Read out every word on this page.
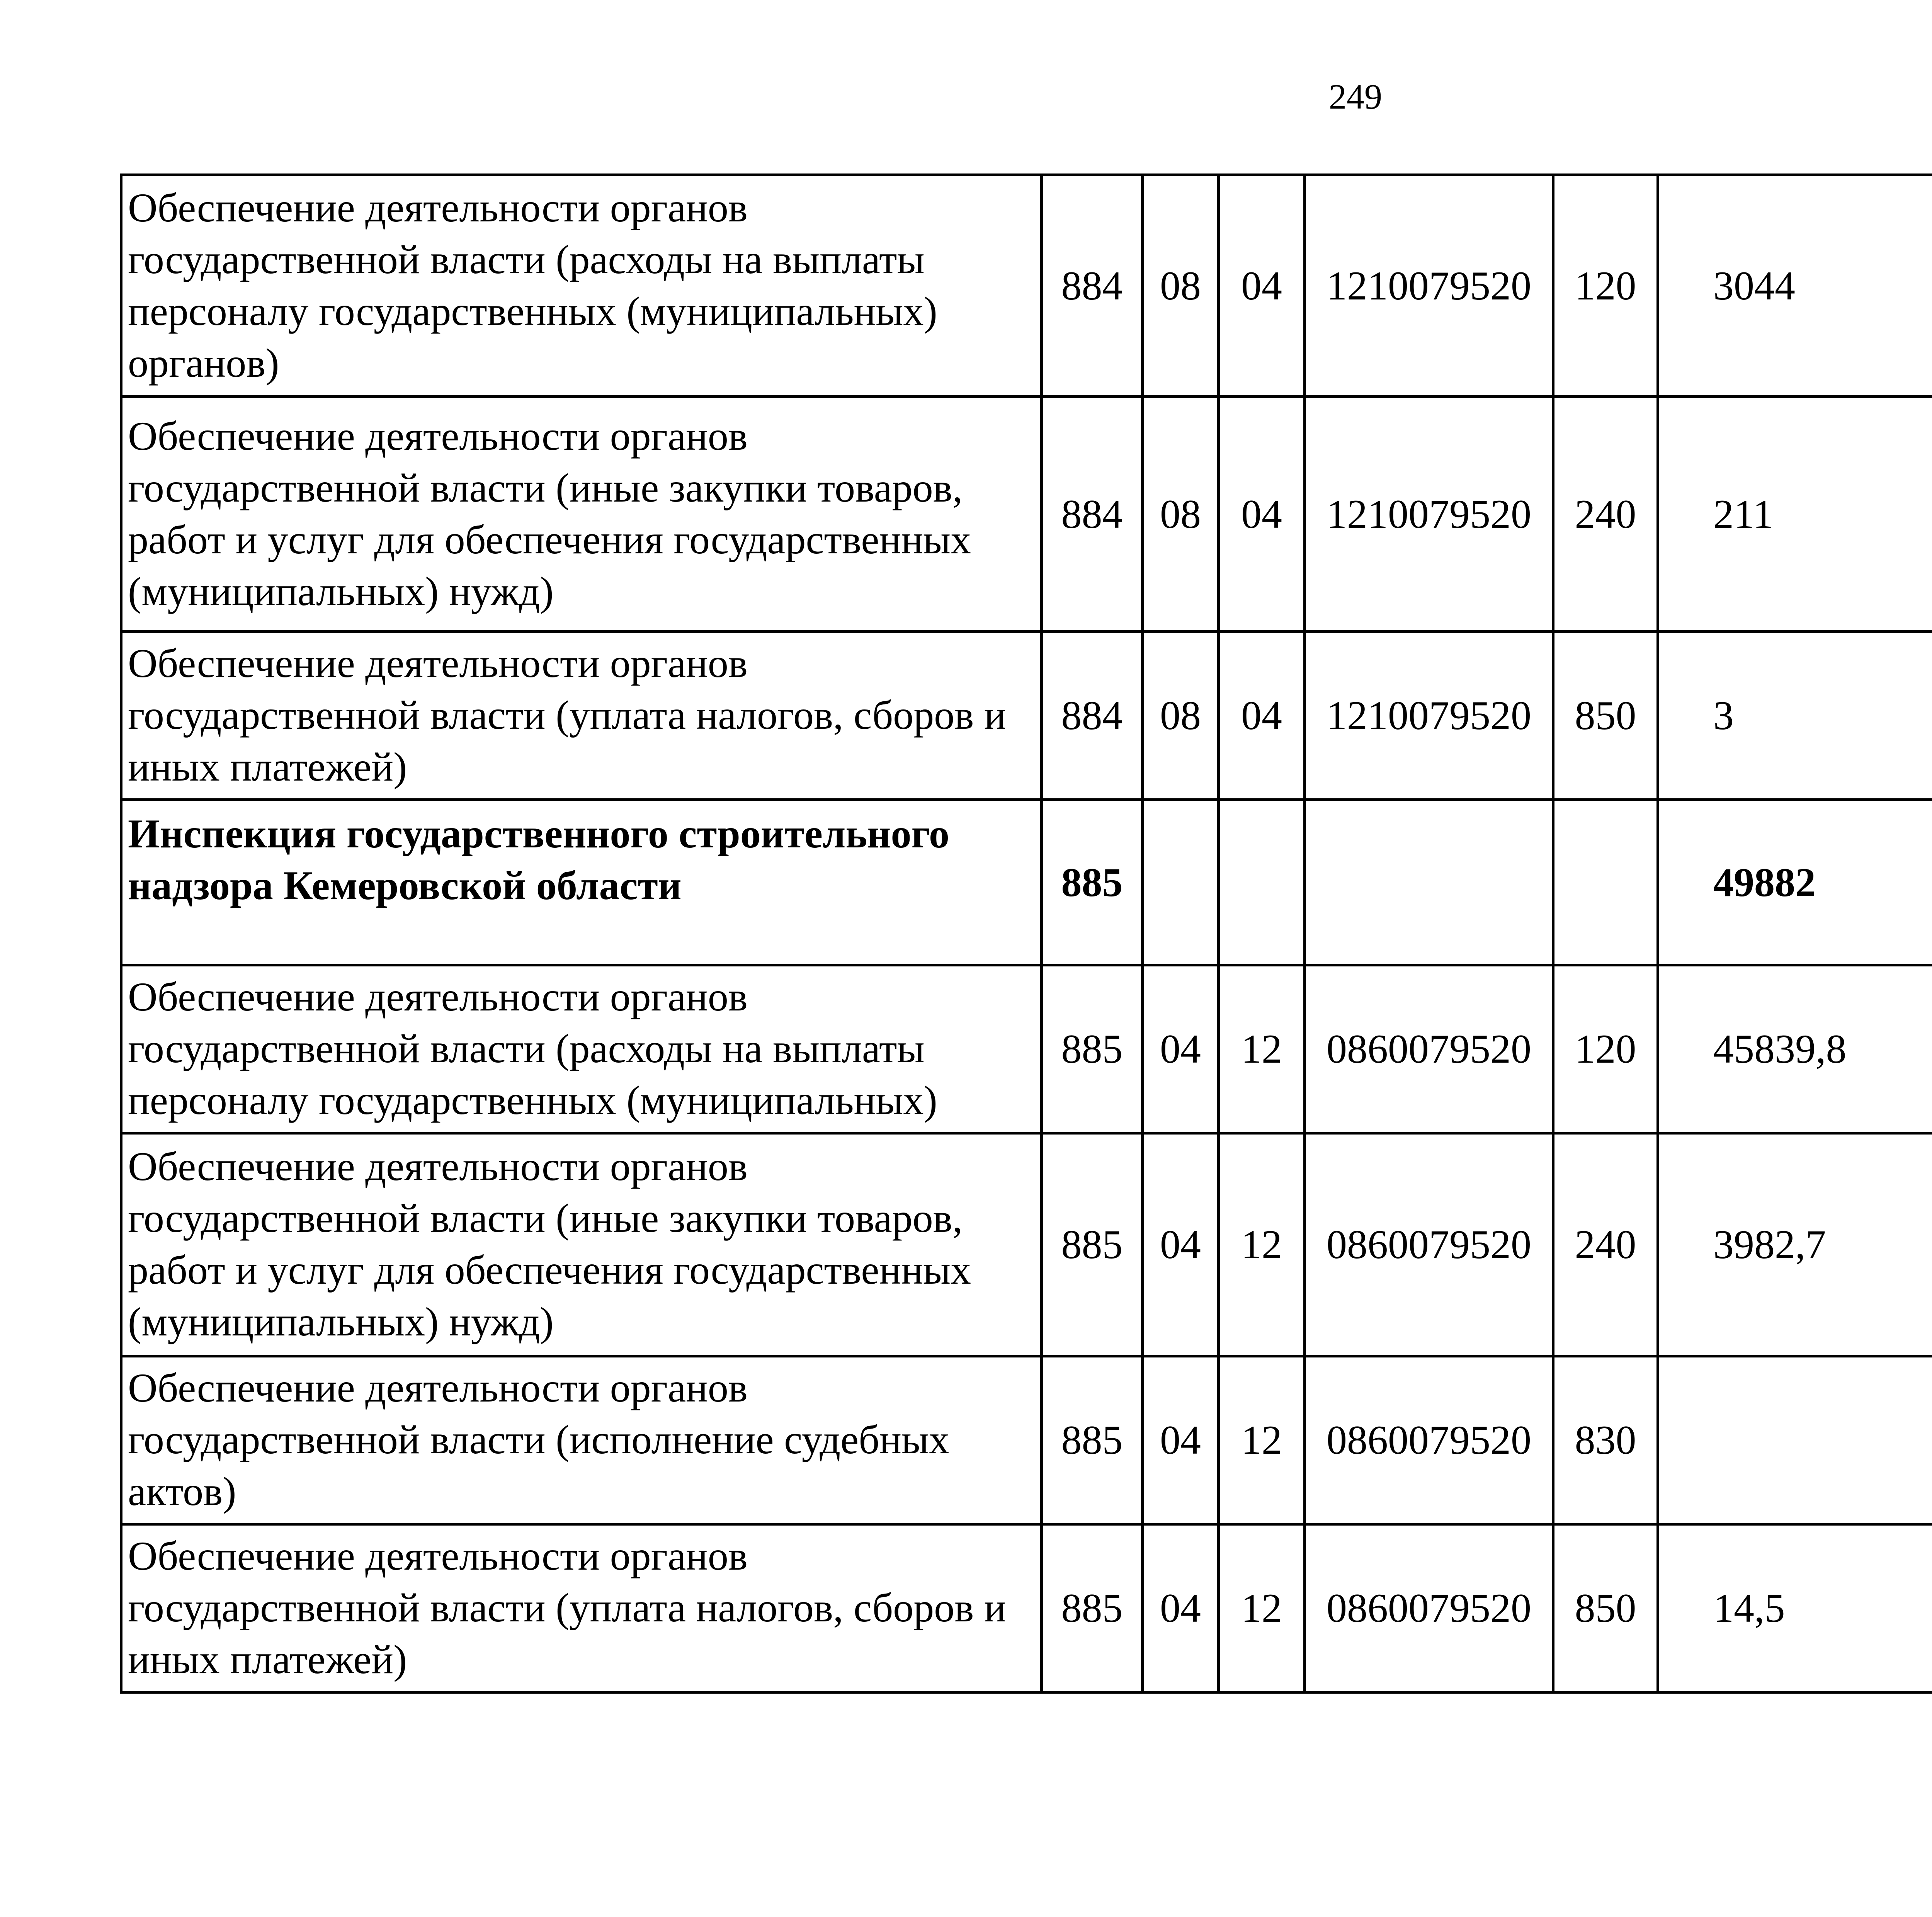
249
Обеспечение деятельности органов государственной власти (расходы на выплаты персоналу государственных (муниципальных) органов)	884	08	04	1210079520	120	3044		
Обеспечение деятельности органов государственной власти (иные закупки товаров, работ и услуг для обеспечения государственных (муниципальных) нужд)	884	08	04	1210079520	240	211		
Обеспечение деятельности органов государственной власти (уплата налогов, сборов и иных платежей)	884	08	04	1210079520	850	3		
Инспекция государственного строительного надзора Кемеровской области	885					49882		
Обеспечение деятельности органов государственной власти (расходы на выплаты персоналу государственных (муниципальных)	885	04	12	0860079520	120	45839,8		
Обеспечение деятельности органов государственной власти (иные закупки товаров, работ и услуг для обеспечения государственных (муниципальных) нужд)	885	04	12	0860079520	240	3982,7		
Обеспечение деятельности органов государственной власти (исполнение судебных актов)	885	04	12	0860079520	830			
Обеспечение деятельности органов государственной власти (уплата налогов, сборов и иных платежей)	885	04	12	0860079520	850	14,5		
